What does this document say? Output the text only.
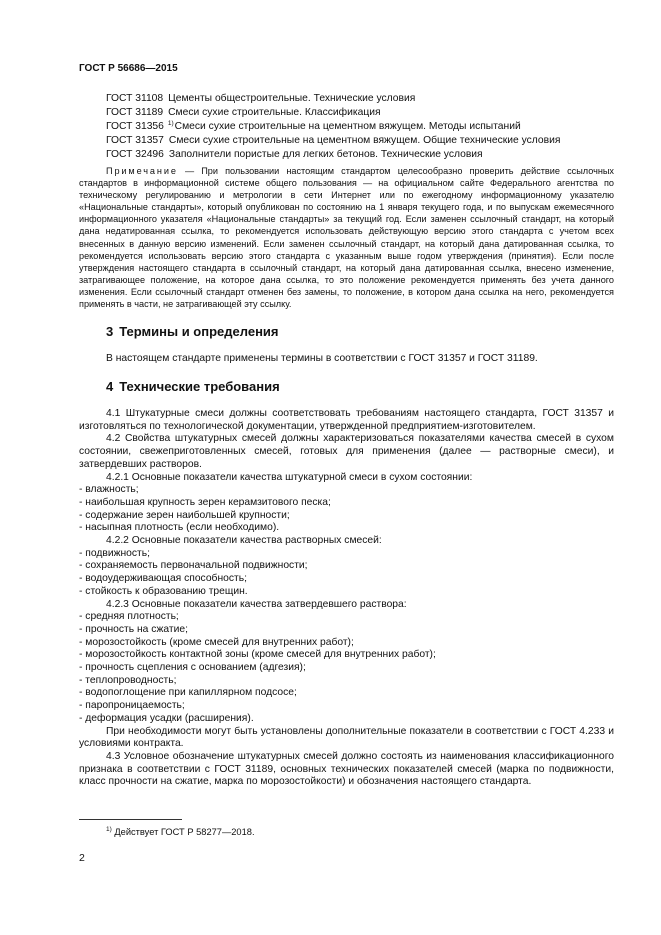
ГОСТ Р 56686—2015
ГОСТ 31108 Цементы общестроительные. Технические условия
ГОСТ 31189 Смеси сухие строительные. Классификация
ГОСТ 31356 $^{1)}$Смеси сухие строительные на цементном вяжущем. Методы испытаний
ГОСТ 31357 Смеси сухие строительные на цементном вяжущем. Общие технические условия
ГОСТ 32496 Заполнители пористые для легких бетонов. Технические условия

Примечание — При пользовании настоящим стандартом целесообразно проверить действие ссылочных стандартов в информационной системе общего пользования — на официальном сайте Федерального агентства по техническому регулированию и метрологии в сети Интернет или по ежегодному информационному указателю «Национальные стандарты», который опубликован по состоянию на 1 января текущего года, и по выпускам ежемесячного информационного указателя «Национальные стандарты» за текущий год. Если заменен ссылочный стандарт, на который дана недатированная ссылка, то рекомендуется использовать действующую версию этого стандарта с учетом всех внесенных в данную версию изменений. Если заменен ссылочный стандарт, на который дана датированная ссылка, то рекомендуется использовать версию этого стандарта с указанным выше годом утверждения (принятия). Если после утверждения настоящего стандарта в ссылочный стандарт, на который дана датированная ссылка, внесено изменение, затрагивающее положение, на которое дана ссылка, то это положение рекомендуется применять без учета данного изменения. Если ссылочный стандарт отменен без замены, то положение, в котором дана ссылка на него, рекомендуется применять в части, не затрагивающей эту ссылку.

3 Термины и определения
В настоящем стандарте применены термины в соответствии с ГОСТ 31357 и ГОСТ 31189.
4 Технические требования

4.1 Штукатурные смеси должны соответствовать требованиям настоящего стандарта, ГОСТ 31357 и изготовляться по технологической документации, утвержденной предприятием-изготовителем.

4.2 Свойства штукатурных смесей должны характеризоваться показателями качества смесей в сухом состоянии, свежеприготовленных смесей, готовых для применения (далее — растворные смеси), и затвердевших растворов.

4.2.1 Основные показатели качества штукатурной смеси в сухом состоянии:

- влажность;

- наибольшая крупность зерен керамзитового песка;

- содержание зерен наибольшей крупности;

- насыпная плотность (если необходимо).

4.2.2 Основные показатели качества растворных смесей:

- подвижность;

- сохраняемость первоначальной подвижности;

- водоудерживающая способность;

- стойкость к образованию трещин.

4.2.3 Основные показатели качества затвердевшего раствора:

- средняя плотность;

- прочность на сжатие;

- морозостойкость (кроме смесей для внутренних работ);

- морозостойкость контактной зоны (кроме смесей для внутренних работ);

- прочность сцепления с основанием (адгезия);

- теплопроводность;

- водопоглощение при капиллярном подсосе;

- паропроницаемость;

- деформация усадки (расширения).

При необходимости могут быть установлены дополнительные показатели в соответствии с ГОСТ 4.233 и условиями контракта.

4.3 Условное обозначение штукатурных смесей должно состоять из наименования классификационного признака в соответствии с ГОСТ 31189, основных технических показателей смесей (марка по подвижности, класс прочности на сжатие, марка по морозостойкости) и обозначения настоящего стандарта.

$^{1)}$ Действует ГОСТ Р 58277—2018.
2
